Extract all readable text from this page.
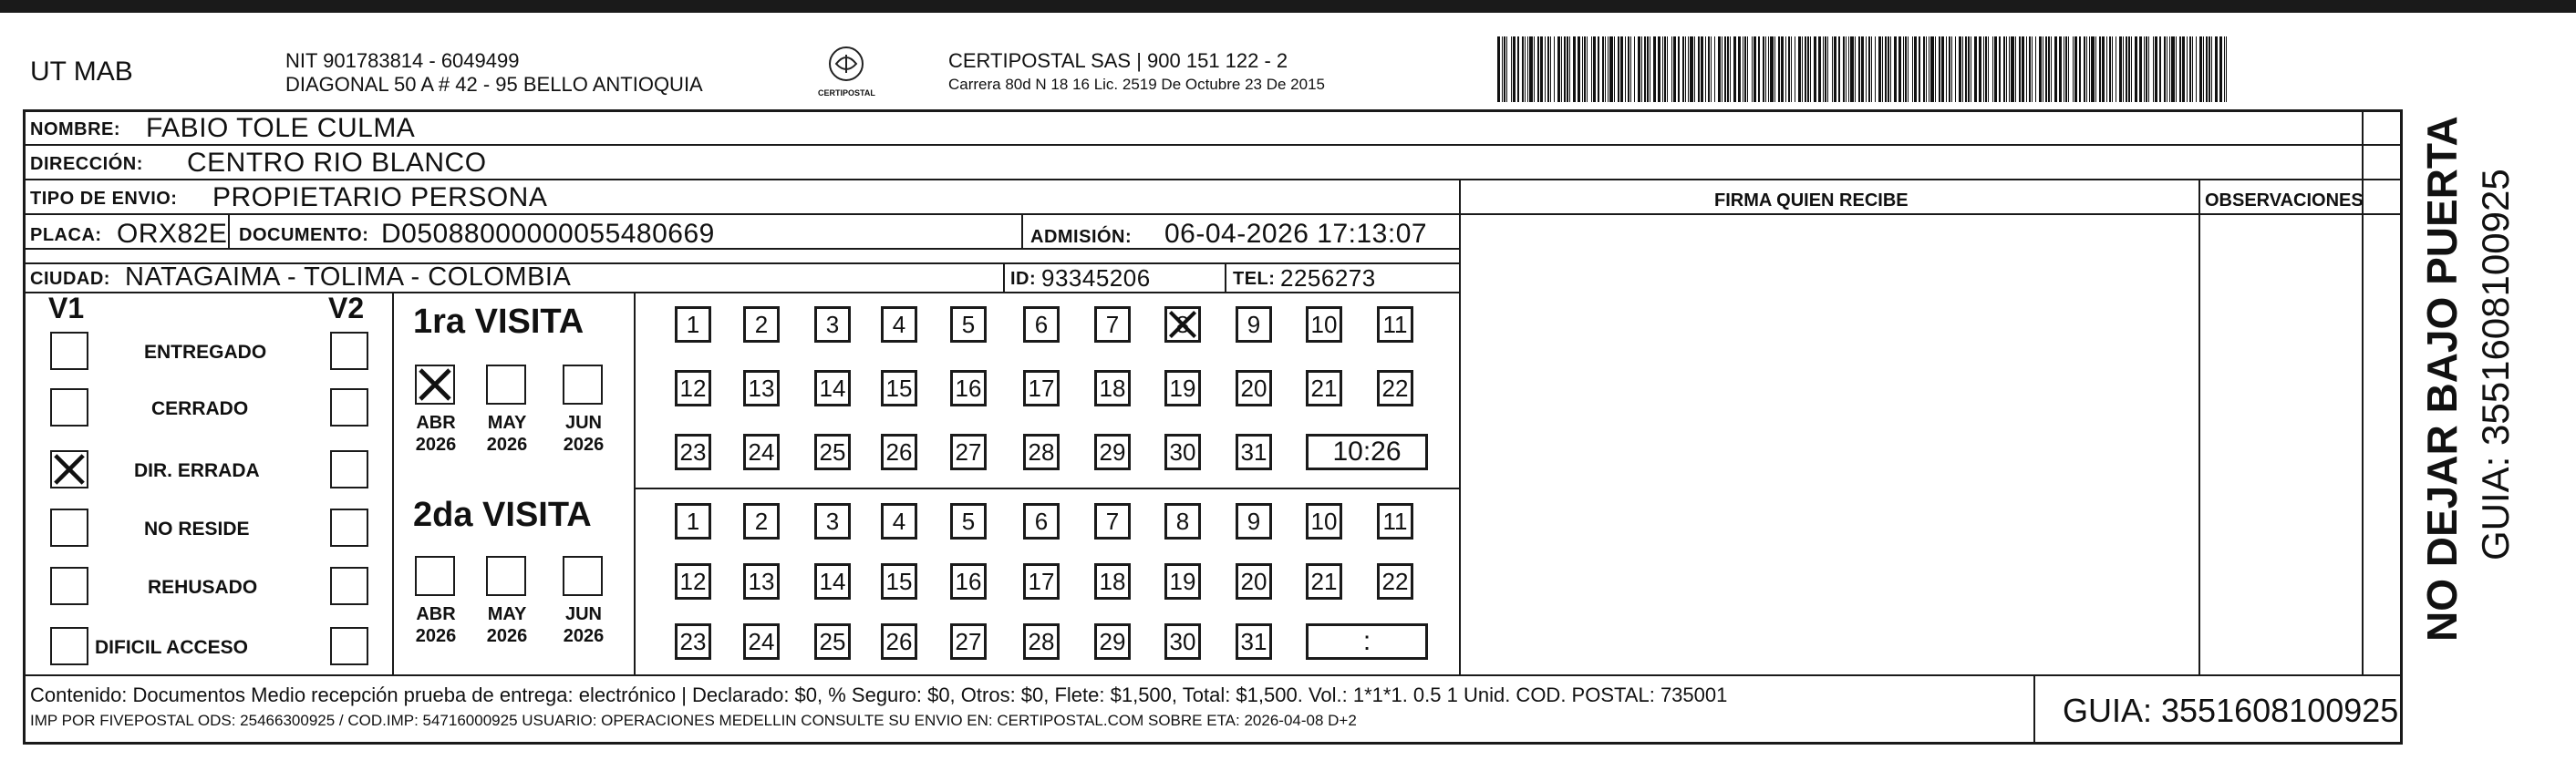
UT MAB	NIT 901783814 - 6049499
DIAGONAL 50 A # 42 - 95 BELLO ANTIOQUIA	CERTIPOSTAL
CERTIPOSTAL SAS | 900 151 122 - 2
Carrera 80d N 18 16 Lic. 2519 De Octubre 23 De 2015
NOMBRE: FABIO TOLE CULMA
DIRECCIÓN: CENTRO RIO BLANCO
TIPO DE ENVIO: PROPIETARIO PERSONA	FIRMA QUIEN RECIBE	OBSERVACIONES
PLACA: ORX82E DOCUMENTO: D05088000000055480669	ADMISIÓN: 06-04-2026 17:13:07
CIUDAD: NATAGAIMA - TOLIMA - COLOMBIA	ID: 93345206	TEL: 2256273
V1	V2
ENTREGADO
CERRADO
DIR. ERRADA
NO RESIDE
REHUSADO
DIFICIL ACCESO
1ra VISITA
ABR
2026
MAY
2026
JUN
2026
1	2	3	4	5	6	7	8	9	10 11
12 13 14 15 16 17 18 19 20 21 22
23 24 25 26 27 28 29 30 31	10:26
2da VISITA
ABR
2026
MAY
2026
JUN
2026
1	2	3	4	5	6	7	8	9	10 11
12 13 14 15 16 17 18 19 20 21 22
23 24 25 26 27 28 29 30 31	:
Contenido: Documentos Medio recepción prueba de entrega: electrónico | Declarado: $0, % Seguro: $0, Otros: $0, Flete: $1,500, Total: $1,500. Vol.: 1*1*1. 0.5 1 Unid. COD. POSTAL: 735001
IMP POR FIVEPOSTAL ODS: 25466300925 / COD.IMP: 54716000925 USUARIO: OPERACIONES MEDELLIN CONSULTE SU ENVIO EN: CERTIPOSTAL.COM SOBRE ETA: 2026-04-08 D+2	GUIA: 3551608100925
NO DEJAR BAJO PUERTA GUIA: 3551608100925
